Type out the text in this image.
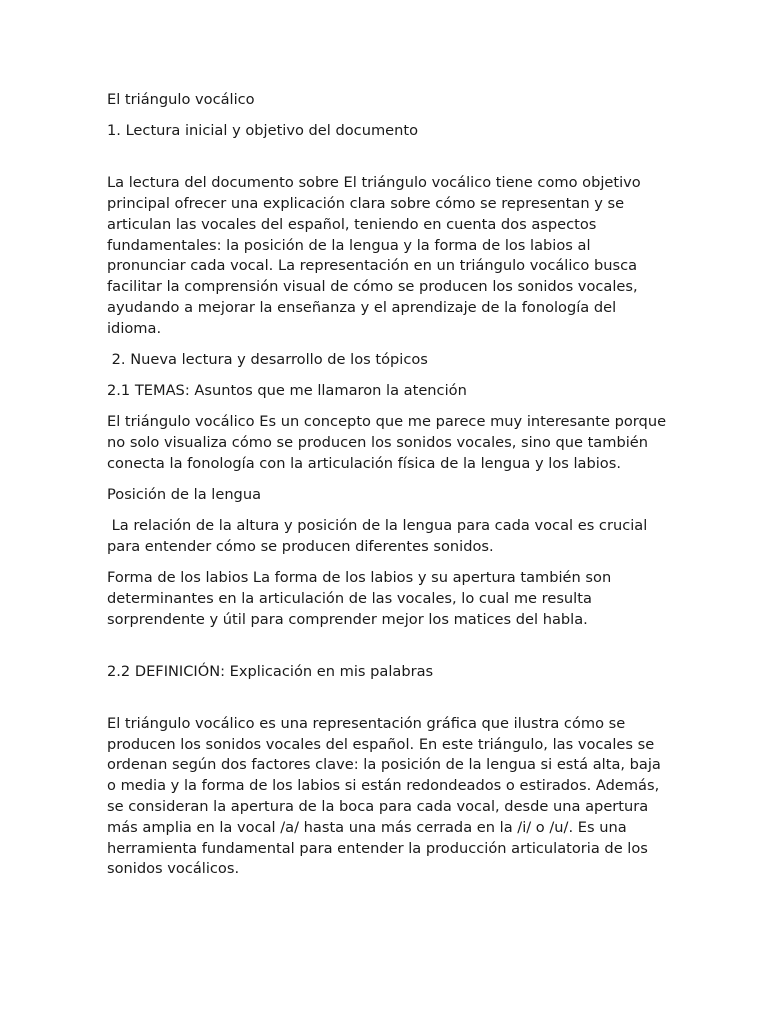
El triángulo vocálico

1. Lectura inicial y objetivo del documento

La lectura del documento sobre El triángulo vocálico tiene como objetivo principal ofrecer una explicación clara sobre cómo se representan y se articulan las vocales del español, teniendo en cuenta dos aspectos fundamentales: la posición de la lengua y la forma de los labios al pronunciar cada vocal. La representación en un triángulo vocálico busca facilitar la comprensión visual de cómo se producen los sonidos vocales, ayudando a mejorar la enseñanza y el aprendizaje de la fonología del idioma.

2. Nueva lectura y desarrollo de los tópicos

2.1 TEMAS: Asuntos que me llamaron la atención

El triángulo vocálico Es un concepto que me parece muy interesante porque no solo visualiza cómo se producen los sonidos vocales, sino que también conecta la fonología con la articulación física de la lengua y los labios.

Posición de la lengua

La relación de la altura y posición de la lengua para cada vocal es crucial para entender cómo se producen diferentes sonidos.

Forma de los labios La forma de los labios y su apertura también son determinantes en la articulación de las vocales, lo cual me resulta sorprendente y útil para comprender mejor los matices del habla.

2.2 DEFINICIÓN: Explicación en mis palabras

El triángulo vocálico es una representación gráfica que ilustra cómo se producen los sonidos vocales del español. En este triángulo, las vocales se ordenan según dos factores clave: la posición de la lengua si está alta, baja o media y la forma de los labios si están redondeados o estirados. Además, se consideran la apertura de la boca para cada vocal, desde una apertura más amplia en la vocal /a/ hasta una más cerrada en la /i/ o /u/. Es una herramienta fundamental para entender la producción articulatoria de los sonidos vocálicos.
